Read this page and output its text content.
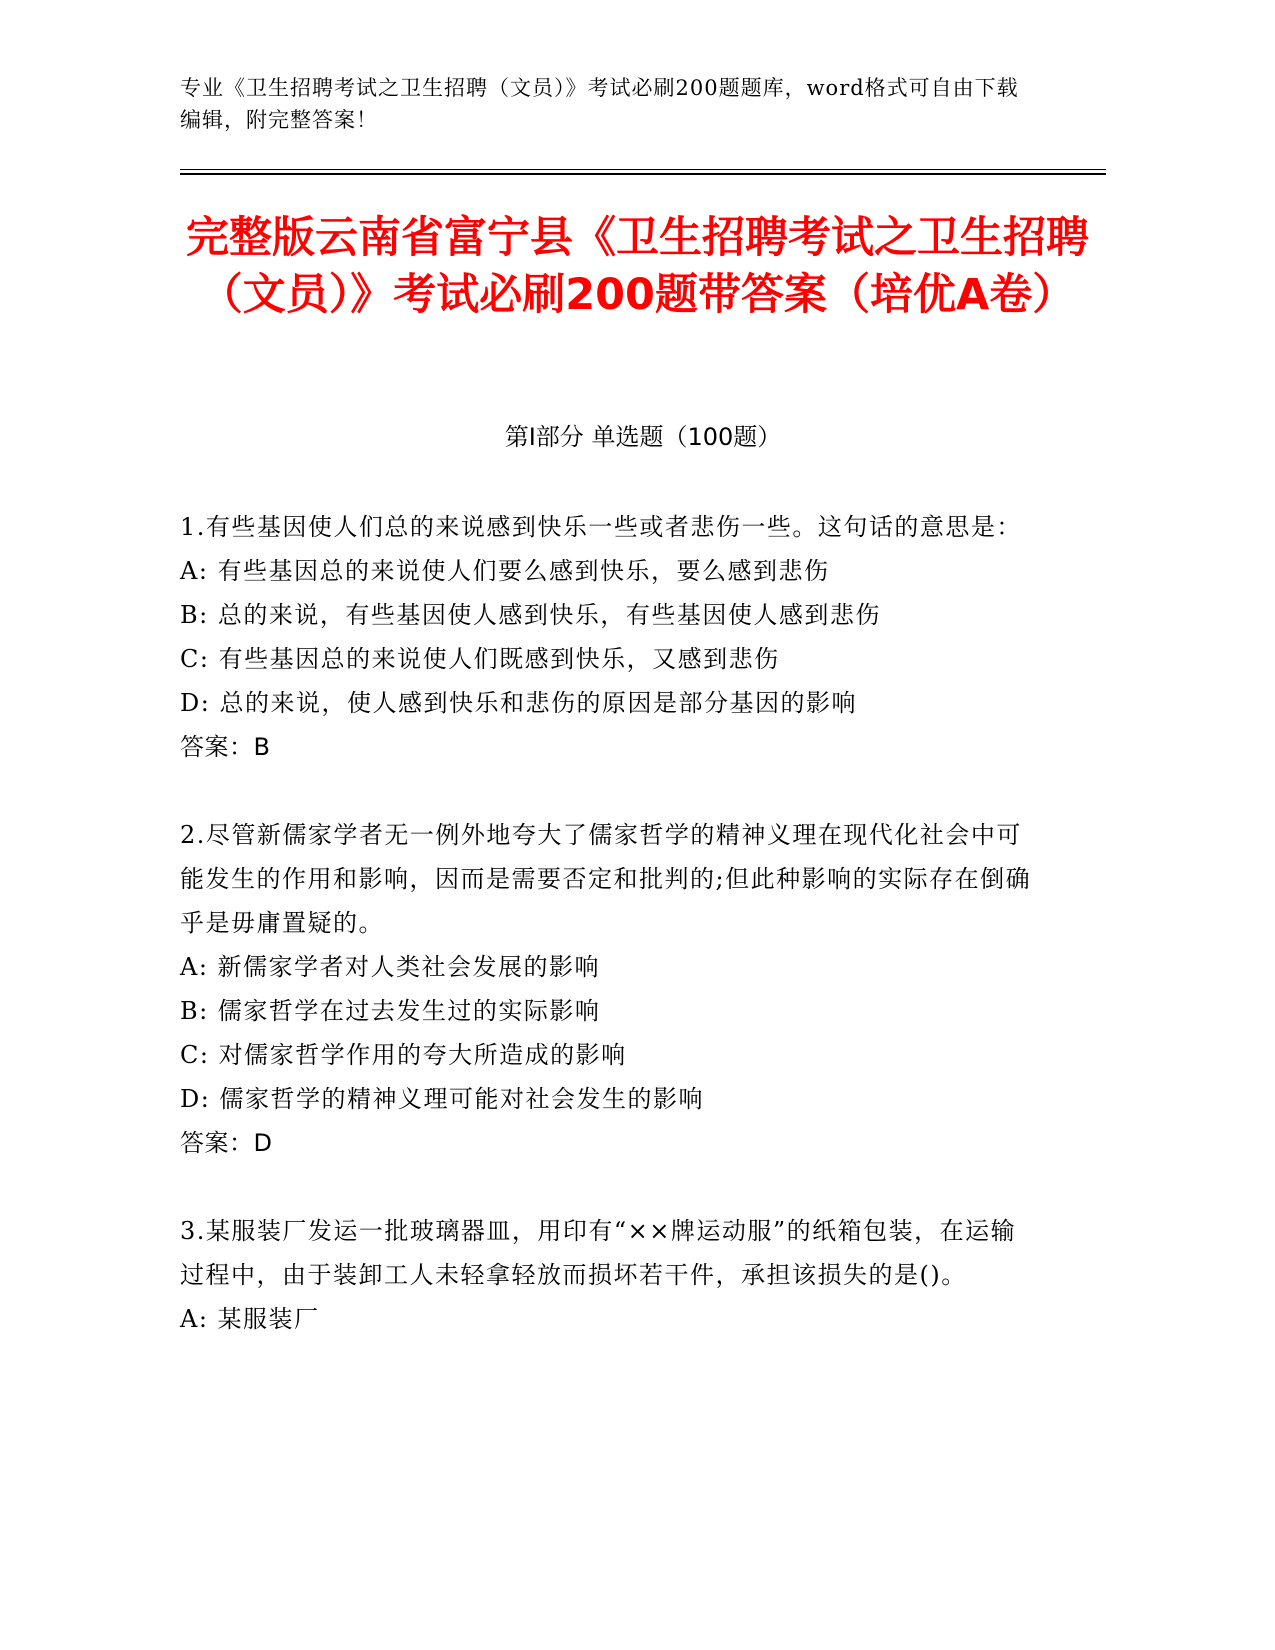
专业《卫生招聘考试之卫生招聘（文员）》考试必刷200题题库，word格式可自由下载编辑，附完整答案！
完整版云南省富宁县《卫生招聘考试之卫生招聘（文员）》考试必刷200题带答案（培优A卷）
第I部分 单选题（100题）

1.有些基因使人们总的来说感到快乐一些或者悲伤一些。这句话的意思是：

A: 有些基因总的来说使人们要么感到快乐，要么感到悲伤

B: 总的来说，有些基因使人感到快乐，有些基因使人感到悲伤

C: 有些基因总的来说使人们既感到快乐，又感到悲伤

D: 总的来说，使人感到快乐和悲伤的原因是部分基因的影响

答案：B

2.尽管新儒家学者无一例外地夸大了儒家哲学的精神义理在现代化社会中可能发生的作用和影响，因而是需要否定和批判的;但此种影响的实际存在倒确乎是毋庸置疑的。

A: 新儒家学者对人类社会发展的影响

B: 儒家哲学在过去发生过的实际影响

C: 对儒家哲学作用的夸大所造成的影响

D: 儒家哲学的精神义理可能对社会发生的影响

答案：D

3.某服装厂发运一批玻璃器皿，用印有“××牌运动服”的纸箱包装，在运输过程中，由于装卸工人未轻拿轻放而损坏若干件，承担该损失的是()。

A: 某服装厂
